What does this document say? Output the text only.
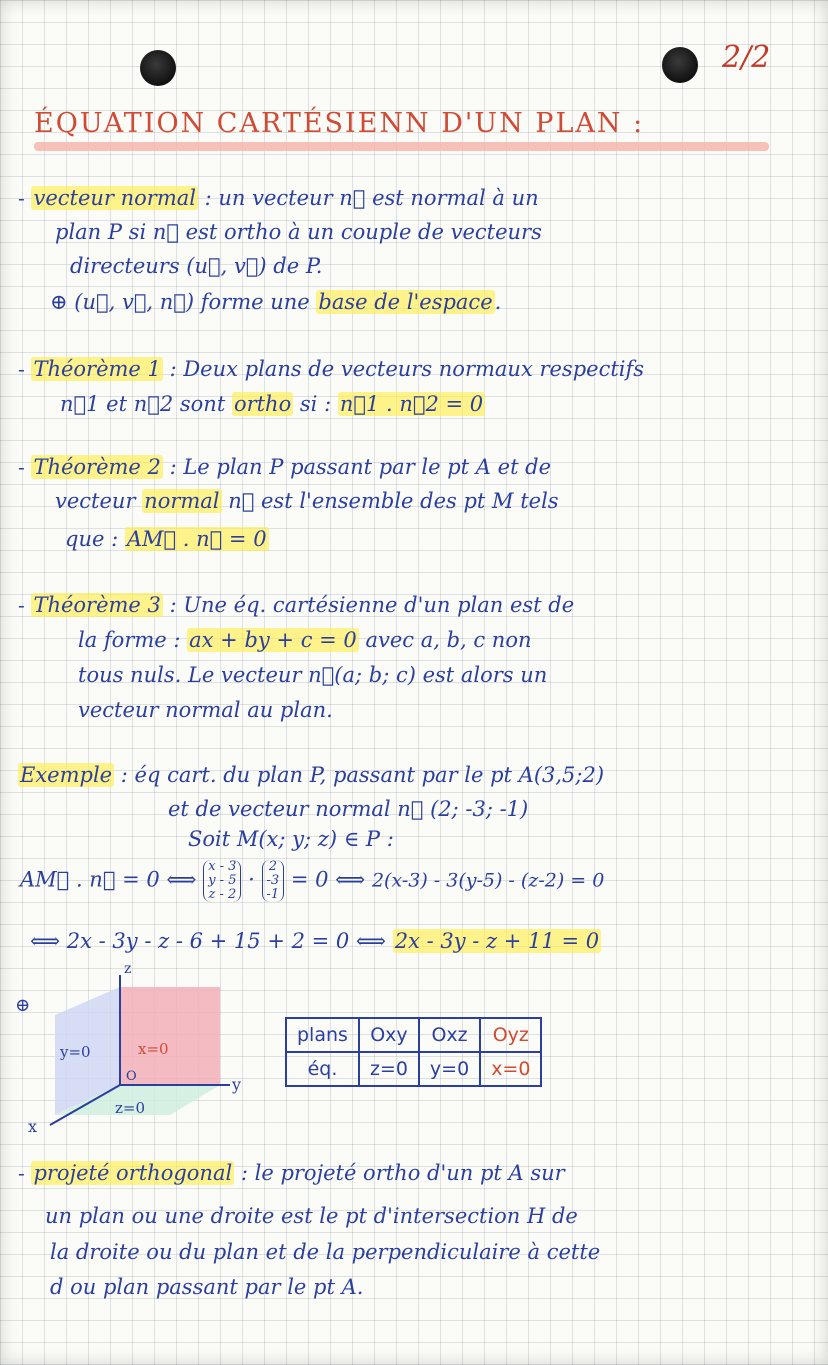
2/2
ÉQUATION CARTÉSIENN D'UN PLAN :
- vecteur normal : un vecteur n⃗ est normal à un
plan P si n⃗ est ortho à un couple de vecteurs
directeurs (u⃗, v⃗) de P.
⊕ (u⃗, v⃗, n⃗) forme une base de l'espace.
- Théorème 1 : Deux plans de vecteurs normaux respectifs
n⃗1 et n⃗2 sont ortho si : n⃗1 . n⃗2 = 0
- Théorème 2 : Le plan P passant par le pt A et de
vecteur normal n⃗ est l'ensemble des pt M tels
que : AM⃗ . n⃗ = 0
- Théorème 3 : Une éq. cartésienne d'un plan est de
la forme : ax + by + c = 0 avec a, b, c non
tous nuls. Le vecteur n⃗(a; b; c) est alors un
vecteur normal au plan.
Exemple : éq cart. du plan P, passant par le pt A(3,5;2)
et de vecteur normal n⃗ (2; -3; -1)
Soit M(x; y; z) ∈ P :
AM⃗ . n⃗ = 0 ⟺ x - 3
y - 5
z - 2 · 2
-3
-1 = 0 ⟺ 2(x-3) - 3(y-5) - (z-2) = 0
⟺ 2x - 3y - z - 6 + 15 + 2 = 0 ⟺ 2x - 3y - z + 11 = 0
⊕
z
y
x
O
y=0	x=0
z=0
plans	Oxy	Oxz	Oyz
éq.	z=0	y=0	x=0
- projeté orthogonal : le projeté ortho d'un pt A sur
un plan ou une droite est le pt d'intersection H de
la droite ou du plan et de la perpendiculaire à cette
d ou plan passant par le pt A.
